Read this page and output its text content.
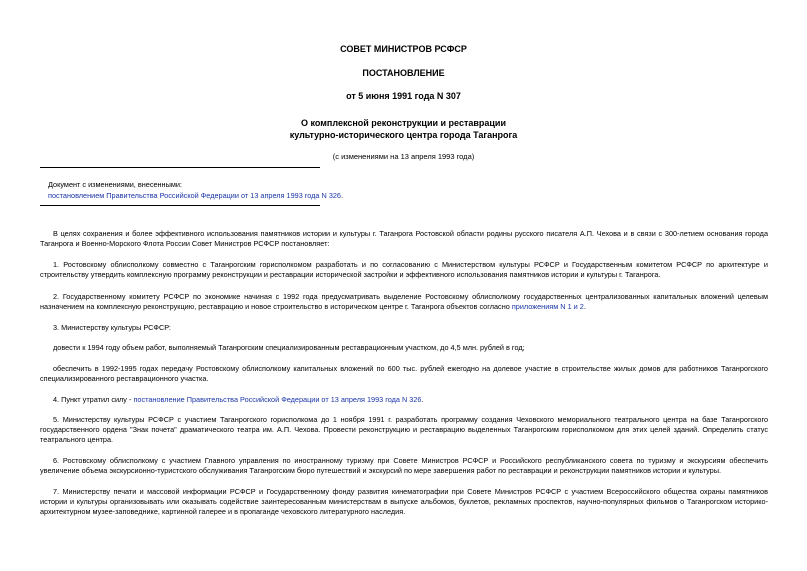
СОВЕТ МИНИСТРОВ РСФСР
ПОСТАНОВЛЕНИЕ
от 5 июня 1991 года N 307
О комплексной реконструкции и реставрации
культурно-исторического центра города Таганрога
(с изменениями на 13 апреля 1993 года)
Документ с изменениями, внесенными:
постановлением Правительства Российской Федерации от 13 апреля 1993 года N 326.
В целях сохранения и более эффективного использования памятников истории и культуры г. Таганрога Ростовской области родины русского писателя А.П. Чехова и в связи с 300-летием основания города Таганрога и Военно-Морского Флота России Совет Министров РСФСР постановляет:
1. Ростовскому облисполкому совместно с Таганрогским горисполкомом разработать и по согласованию с Министерством культуры РСФСР и Государственным комитетом РСФСР по архитектуре и строительству утвердить комплексную программу реконструкции и реставрации исторической застройки и эффективного использования памятников истории и культуры г. Таганрога.
2. Государственному комитету РСФСР по экономике начиная с 1992 года предусматривать выделение Ростовскому облисполкому государственных централизованных капитальных вложений целевым назначением на комплексную реконструкцию, реставрацию и новое строительство в историческом центре г. Таганрога объектов согласно приложениям N 1 и 2.
3. Министерству культуры РСФСР:
довести к 1994 году объем работ, выполняемый Таганрогским специализированным реставрационным участком, до 4,5 млн. рублей в год;
обеспечить в 1992-1995 годах передачу Ростовскому облисполкому капитальных вложений по 600 тыс. рублей ежегодно на долевое участие в строительстве жилых домов для работников Таганрогского специализированного реставрационного участка.
4. Пункт утратил силу - постановление Правительства Российской Федерации от 13 апреля 1993 года N 326.
5. Министерству культуры РСФСР с участием Таганрогского горисполкома до 1 ноября 1991 г. разработать программу создания Чеховского мемориального театрального центра на базе Таганрогского государственного ордена "Знак почета" драматического театра им. А.П. Чехова. Провести реконструкцию и реставрацию выделенных Таганрогским горисполкомом для этих целей зданий. Определить статус театрального центра.
6. Ростовскому облисполкому с участием Главного управления по иностранному туризму при Совете Министров РСФСР и Российского республиканского совета по туризму и экскурсиям обеспечить увеличение объема экскурсионно-туристского обслуживания Таганрогским бюро путешествий и экскурсий по мере завершения работ по реставрации и реконструкции памятников истории и культуры.
7. Министерству печати и массовой информации РСФСР и Государственному фонду развития кинематографии при Совете Министров РСФСР с участием Всероссийского общества охраны памятников истории и культуры организовывать или оказывать содействие заинтересованным министерствам в выпуске альбомов, буклетов, рекламных проспектов, научно-популярных фильмов о Таганрогском историко-архитектурном музее-заповеднике, картинной галерее и в пропаганде чеховского литературного наследия.
